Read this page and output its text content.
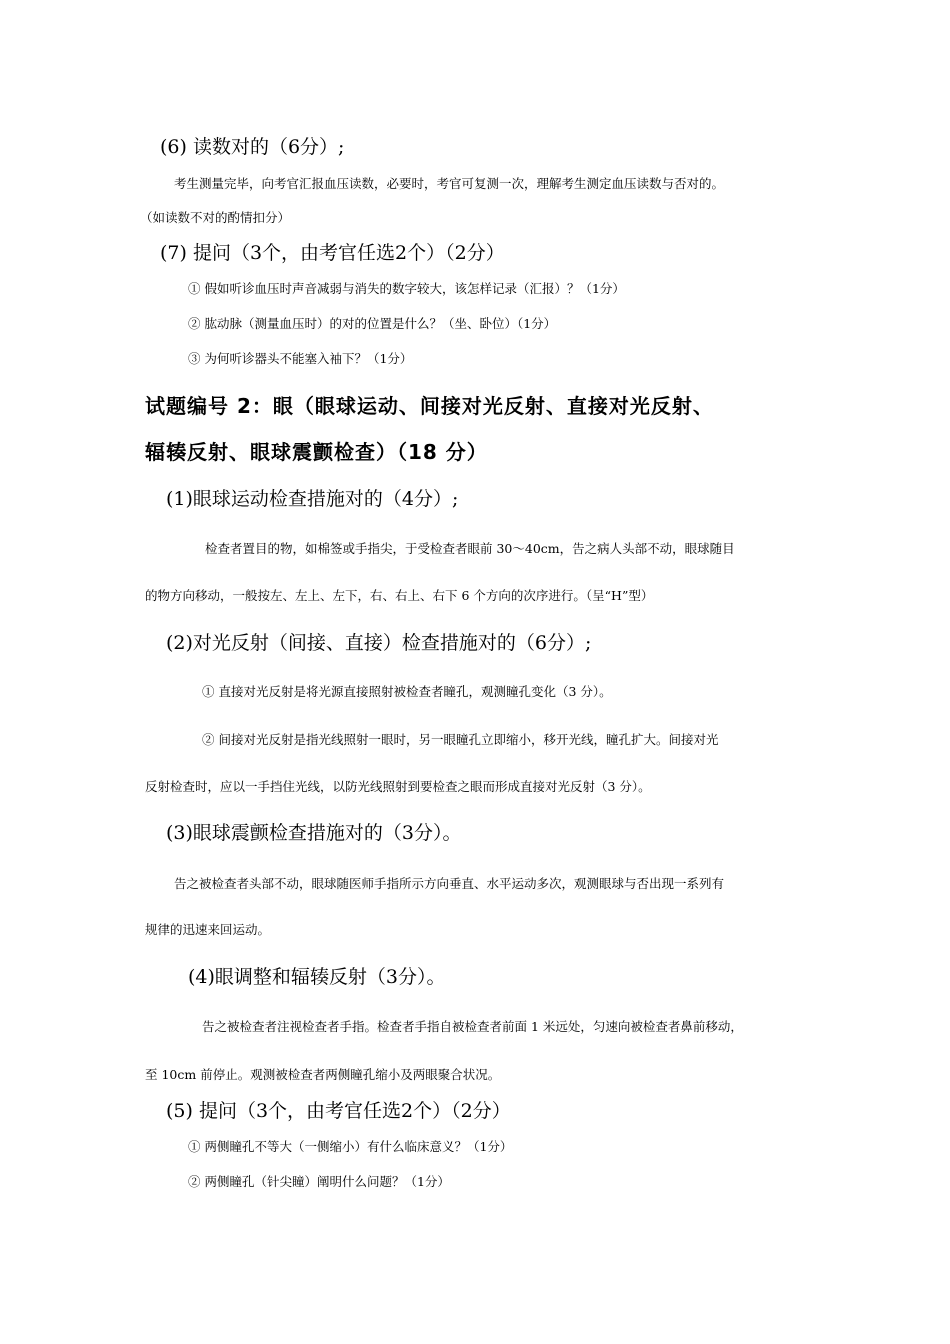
(6) 读数对的（6分）;
考生测量完毕，向考官汇报血压读数，必要时，考官可复测一次，理解考生测定血压读数与否对的。
（如读数不对的酌情扣分）
(7) 提问（3个，由考官任选2个）（2分）
① 假如听诊血压时声音减弱与消失的数字较大，该怎样记录（汇报）？（1分）
② 肱动脉（测量血压时）的对的位置是什么？（坐、卧位）（1分）
③ 为何听诊器头不能塞入袖下？（1分）
试题编号 2：眼（眼球运动、间接对光反射、直接对光反射、
辐辏反射、眼球震颤检查）（18 分）
(1)眼球运动检查措施对的（4分）;
检查者置目的物，如棉签或手指尖，于受检查者眼前 30～40cm，告之病人头部不动，眼球随目
的物方向移动，一般按左、左上、左下，右、右上、右下 6 个方向的次序进行。（呈“H”型）
(2)对光反射（间接、直接）检查措施对的（6分）;
① 直接对光反射是将光源直接照射被检查者瞳孔，观测瞳孔变化（3 分）。
② 间接对光反射是指光线照射一眼时，另一眼瞳孔立即缩小，移开光线，瞳孔扩大。间接对光
反射检查时，应以一手挡住光线，以防光线照射到要检查之眼而形成直接对光反射（3 分）。
(3)眼球震颤检查措施对的（3分）。
告之被检查者头部不动，眼球随医师手指所示方向垂直、水平运动多次，观测眼球与否出现一系列有
规律的迅速来回运动。
(4)眼调整和辐辏反射（3分）。
告之被检查者注视检查者手指。检查者手指自被检查者前面 1 米远处，匀速向被检查者鼻前移动，
至 10cm 前停止。观测被检查者两侧瞳孔缩小及两眼聚合状况。
(5) 提问（3个，由考官任选2个）（2分）
① 两侧瞳孔不等大（一侧缩小）有什么临床意义？（1分）
② 两侧瞳孔（针尖瞳）阐明什么问题？（1分）
